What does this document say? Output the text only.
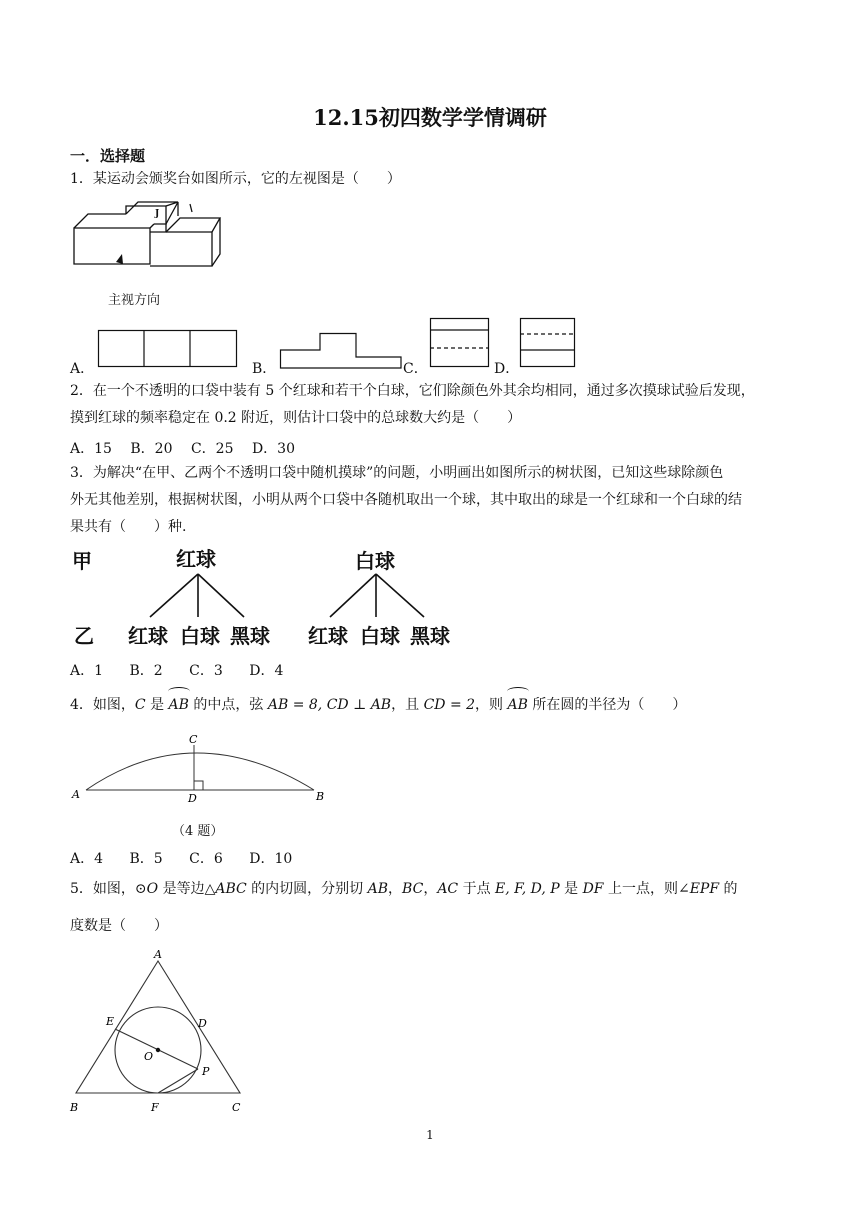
12.15初四数学学情调研
一．选择题
1．某运动会颁奖台如图所示，它的左视图是（　　）
J
主视方向
A．	B．	C．	D．
2．在一个不透明的口袋中装有 5 个红球和若干个白球，它们除颜色外其余均相同，通过多次摸球试验后发现，
摸到红球的频率稳定在 0.2 附近，则估计口袋中的总球数大约是（　　）
A．15 B．20 C．25 D．30
3．为解决“在甲、乙两个不透明口袋中随机摸球”的问题，小明画出如图所示的树状图，已知这些球除颜色
外无其他差别，根据树状图，小明从两个口袋中各随机取出一个球，其中取出的球是一个红球和一个白球的结
果共有（　　）种.
甲
乙
红球	白球
红球 白球 黑球 红球 白球 黑球
A．1 B．2 C．3 D．4
4．如图，C 是 AB 的中点，弦 AB = 8, CD ⊥ AB，且 CD = 2，则 AB 所在圆的半径为（　　）
A	B
C
D
（4 题）
A．4 B．5 C．6 D．10
5．如图，⊙O 是等边△ABC 的内切圆，分别切 AB，BC，AC 于点 E, F, D, P 是 DF 上一点，则∠EPF 的
度数是（　　）
A
B	C
D
E
F
O
P
1
